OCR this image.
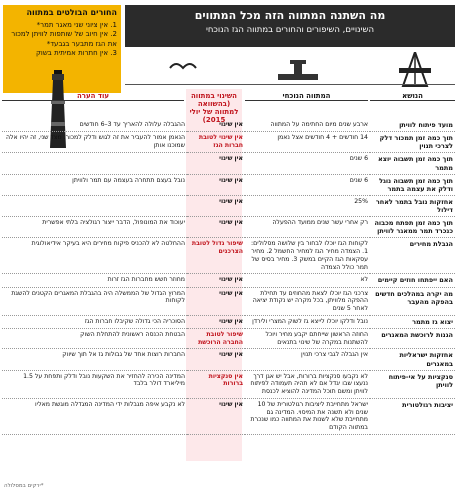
מה השתנה המתווה הזה מכל המתווים
השינויים, השיפורים והחורים במתווה הגז הנוכחי
החורים הבולטים במתווה
1. אין ציוני שני מאגר תמר*
2. אין חיוב של שותפות לוויתן למכור את הגז מתבער בגבעד*
3. אין חתרות אמיתית בשוק
הנושא
המתווה הנוכחי
השינוי במתווה (בהשוואה למתווה של יולי 2015)
עוד הערה
מועד פיתוח לוויתן	ארבע שנים מיום החתימה על המתווה	אין שינוי	ההגבלה עלולה להאריך עד 3–6 חודשים
תוך כמה זמן תמכור דלק לצרכי תנוין	14 חודשים + 4 חודשים אצל נאמן	אין שינוי לטובת חברות הגז	הנאמן אמור להעביר את זה לגוש ודלק למכור. מצד שני, זה יהיו אלה שמוכנו אותן
תוך כמה זמן תשבוה יוצא מתמר	6 שנים	אין שינוי	
תוך כמה זמן תשבוה נוגל ודלק את עצמה בתמר	6 שנים	אין שינוי	נובל בעצם תתחרה בעצמה עם תמר ולוויתן
אחזקות נובל בתמר לאחר דילול	25%	אין שינוי	
תוך כמה זמן תפתח מכבוה כנכרד תמר ממאגר לוויתן	רק אחרי עשר שנים ממועד ההפעלה	אין שינוי	יעוכוד את המונופול, הדבר ייצור רגולציה בלתי אפשרית
הגבלת מחירים	לקוחות הגז יוכלו לבחור בין שלושה מסלולים: 1. הצמדה מחיר הגז למחיר החשמל 2. מחיר עסקאות הגז הקיים במשק 3. מחיר בסיס של תמר כולל הצמדה	שיפור גדול לטובת הצרכנים	ההחלטה לא להכניס פיקוח מחירים היא בעיקר אידיאולוגית
האם ייפתחו חוזים קיימים	לא	אין שינוי	מחוזר חשש מחברות הגז זרות
מה יקרה במהלכים חדשים בהפקה מהעבר	צרכני הגז יוכלו לצאת מהחוזים עד תחילת ההפקה מלוויתן, בכל מקרה יש נקודת יציאה לאחר 5 שנים	אין שינוי	המרוץ הגדול של הממשלה היה בהגבלת המאגרים הקטנים להשגת לקוחות
יצוא גז מתמר	נובל ודלקו יוכלו לייצא גז לשוק המצרי ולירדן	אין שינוי	הסוכריה הכי גדולה שקיבלו חברות הגז
הגנות לרוכשת המאגרים	החוזה הראשון שייחתם יקבע מחיר ויוכל להשתנות במקרה של שינוי בתנאים	שיפור לטובת החברה הרוכשת	הבטחת הכנסה ראשונית להתחלת השוק
אחזקות ישראליות במאגרים	אין הגבלה לגבי צרכי תנוין	אין שינוי	החברות רוצות אחד של גבולות גז אל תוך שיווק
סנקציות על אי-פיתוח לוויתן	לא נקבעו סנקציות ברורות, אבל יש אגן דרך ננעצו שבו יגדל אם לא תהיה תעמודה לפיתוח לוויתן ומשם תוכל המדינה להוציא לכנסת	אין סנקציות ברורות	המדינה הכירה להחזיר את השקעות נובל ודלק ותפחת על 1.5 מיליארד דולר בלבד
יציבות רגולטורית	ישראל מתחייבת ליציבות רגולטורית של 10 שנים ולא תשנה את המיסוי. המדינה גם מתחייבת שלא לשנות את המתווה כמו שנכרת במתווה הקודם	אין שינוי	לא נקבע איפה מגבלות ידי המדינה המגדלה מוגשת מאליו
*ירקים במסלולה
